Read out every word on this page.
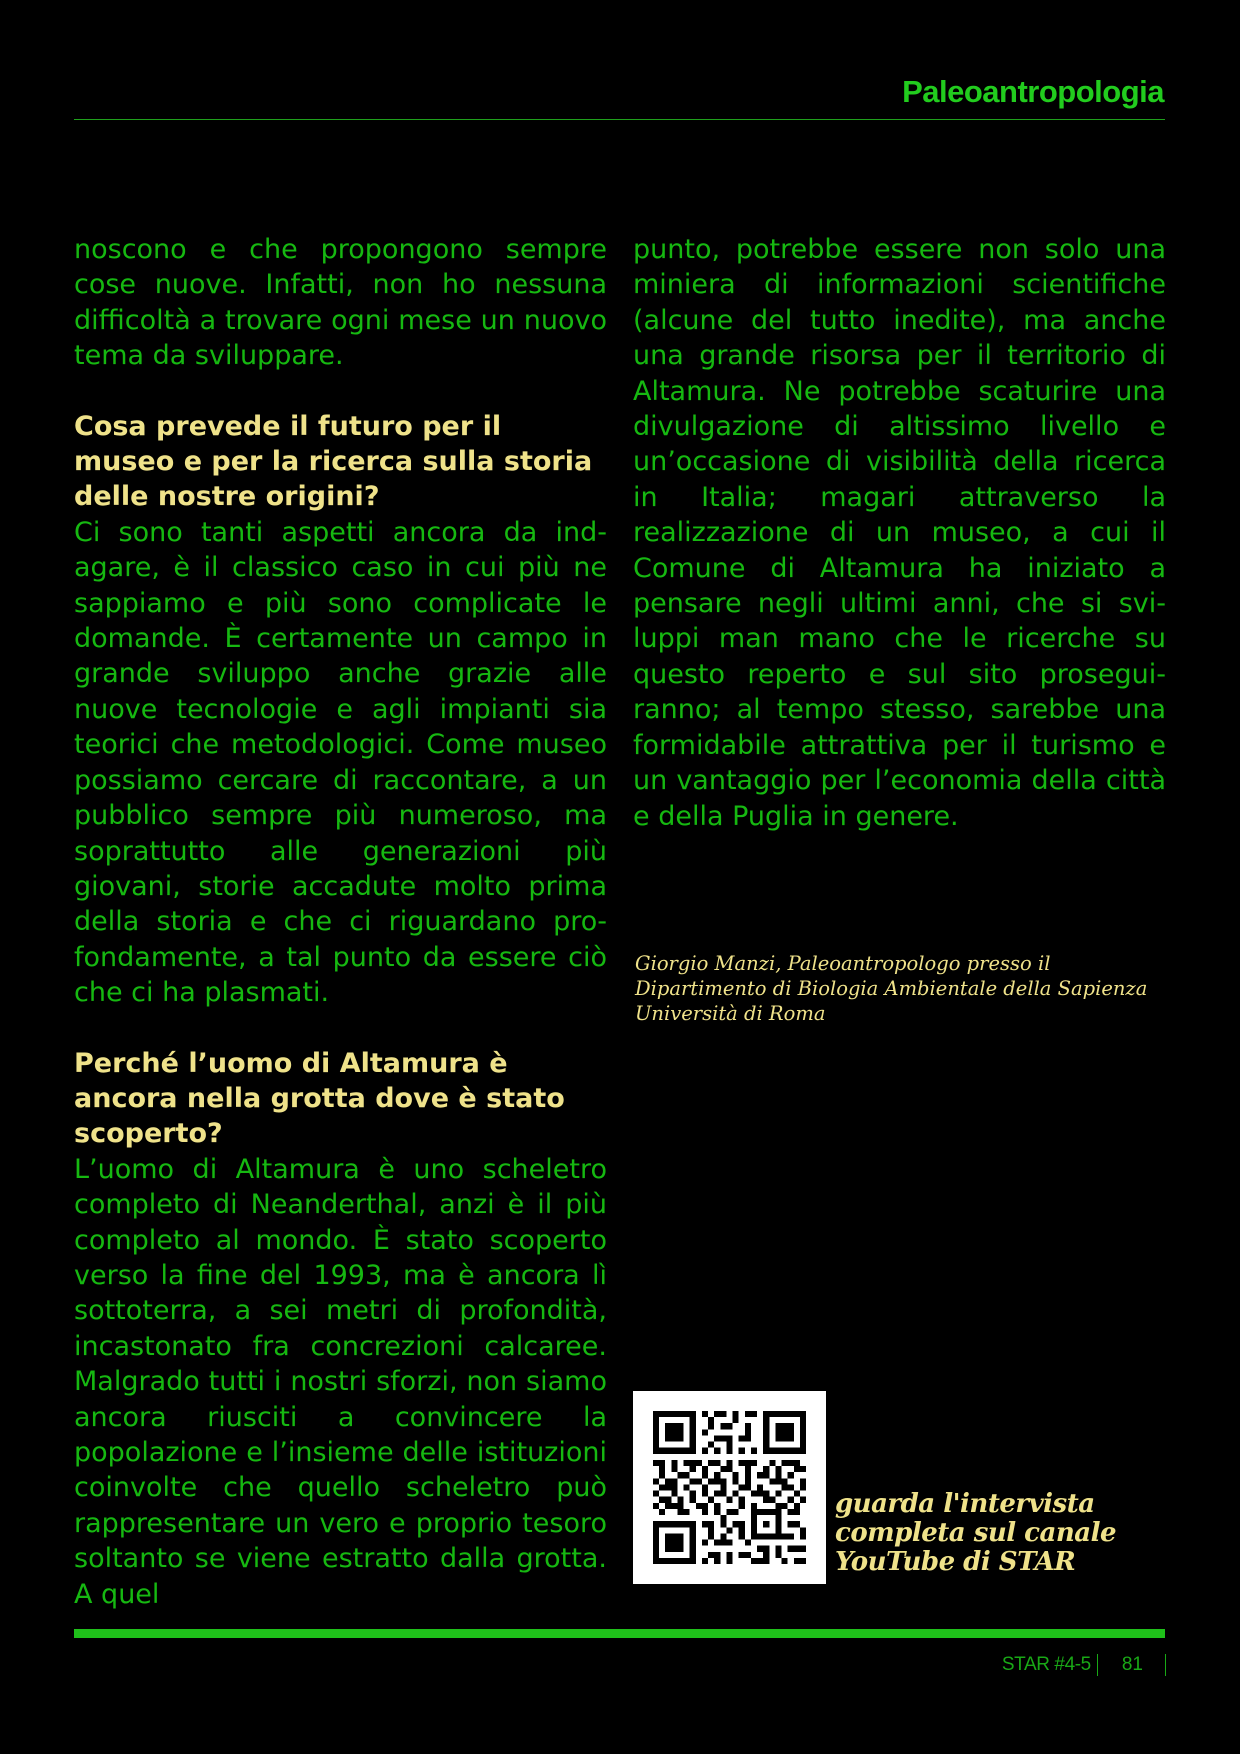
Paleoantropologia

noscono e che propongono sempre cose nuove. Infatti, non ho nessuna difficoltà a trovare ogni mese un nuovo tema da sviluppare.

Cosa prevede il futuro per il museo e per la ricerca sulla storia delle nostre origini?

Ci sono tanti aspetti ancora da indagare, è il classico caso in cui più ne sappiamo e più sono complicate le domande. È certamente un campo in grande sviluppo anche grazie alle nuove tecnologie e agli impianti sia teorici che metodologici. Come museo possiamo cercare di raccontare, a un pubblico sempre più numeroso, ma soprattutto alle generazioni più giovani, storie accadute molto prima della storia e che ci riguardano profondamente, a tal punto da essere ciò che ci ha plasmati.

Perché l’uomo di Altamura è ancora nella grotta dove è stato scoperto?

L’uomo di Altamura è uno scheletro completo di Neanderthal, anzi è il più completo al mondo. È stato scoperto verso la fine del 1993, ma è ancora lì sottoterra, a sei metri di profondità, incastonato fra concrezioni calcaree. Malgrado tutti i nostri sforzi, non siamo ancora riusciti a convincere la popolazione e l’insieme delle istituzioni coinvolte che quello scheletro può rappresentare un vero e proprio tesoro soltanto se viene estratto dalla grotta. A quel

punto, potrebbe essere non solo una miniera di informazioni scientifiche (alcune del tutto inedite), ma anche una grande risorsa per il territorio di Altamura. Ne potrebbe scaturire una divulgazione di altissimo livello e un’occasione di visibilità della ricerca in Italia; magari attraverso la realizzazione di un museo, a cui il Comune di Altamura ha iniziato a pensare negli ultimi anni, che si sviluppi man mano che le ricerche su questo reperto e sul sito proseguiranno; al tempo stesso, sarebbe una formidabile attrattiva per il turismo e un vantaggio per l’economia della città e della Puglia in genere.

Giorgio Manzi, Paleoantropologo presso il Dipartimento di Biologia Ambientale della Sapienza Università di Roma
guarda l'intervista completa sul canale YouTube di STAR
STAR #4-5 81
